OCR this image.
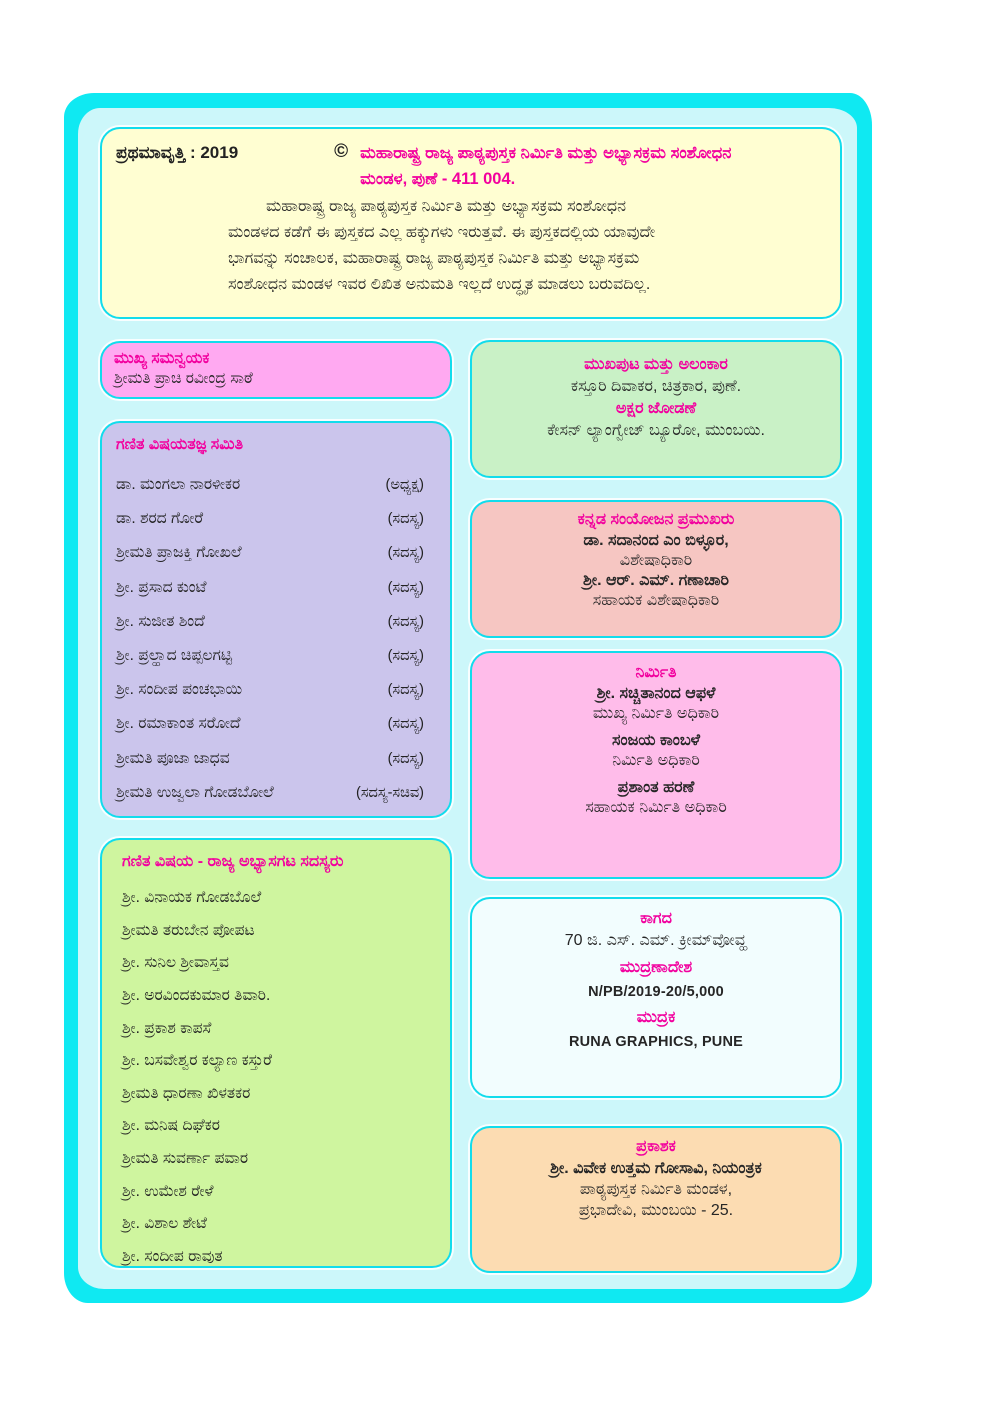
ಪ್ರಥಮಾವೃತ್ತಿ : 2019	© ಮಹಾರಾಷ್ಟ್ರ ರಾಜ್ಯ ಪಾಠ್ಯಪುಸ್ತಕ ನಿರ್ಮಿತಿ ಮತ್ತು ಅಭ್ಯಾಸಕ್ರಮ ಸಂಶೋಧನ
ಮಂಡಳ, ಪುಣೆ - 411 004.
ಮಹಾರಾಷ್ಟ್ರ ರಾಜ್ಯ ಪಾಠ್ಯಪುಸ್ತಕ ನಿರ್ಮಿತಿ ಮತ್ತು ಅಭ್ಯಾಸಕ್ರಮ ಸಂಶೋಧನ
ಮಂಡಳದ ಕಡೆಗೆ ಈ ಪುಸ್ತಕದ ಎಲ್ಲ ಹಕ್ಕುಗಳು ಇರುತ್ತವೆ. ಈ ಪುಸ್ತಕದಲ್ಲಿಯ ಯಾವುದೇ
ಭಾಗವನ್ನು ಸಂಚಾಲಕ, ಮಹಾರಾಷ್ಟ್ರ ರಾಜ್ಯ ಪಾಠ್ಯಪುಸ್ತಕ ನಿರ್ಮಿತಿ ಮತ್ತು ಅಭ್ಯಾಸಕ್ರಮ
ಸಂಶೋಧನ ಮಂಡಳ ಇವರ ಲಿಖಿತ ಅನುಮತಿ ಇಲ್ಲದೆ ಉದ್ಧೃತ ಮಾಡಲು ಬರುವದಿಲ್ಲ.
ಮುಖ್ಯ ಸಮನ್ವಯಕ
ಶ್ರೀಮತಿ ಪ್ರಾಚಿ ರವೀಂದ್ರ ಸಾಠೆ
ಗಣಿತ ವಿಷಯತಜ್ಞ ಸಮಿತಿ
ಡಾ. ಮಂಗಲಾ ನಾರಳೀಕರ	(ಅಧ್ಯಕ್ಷ)
ಡಾ. ಶರದ ಗೋರೆ	(ಸದಸ್ಯ)
ಶ್ರೀಮತಿ ಪ್ರಾಜಕ್ತಿ ಗೋಖಲೆ	(ಸದಸ್ಯ)
ಶ್ರೀ. ಪ್ರಸಾದ ಕುಂಟೆ	(ಸದಸ್ಯ)
ಶ್ರೀ. ಸುಜೀತ ಶಿಂದೆ	(ಸದಸ್ಯ)
ಶ್ರೀ. ಪ್ರಲ್ಹಾದ ಚಿಪ್ಪಲಗಟ್ಟಿ	(ಸದಸ್ಯ)
ಶ್ರೀ. ಸಂದೀಪ ಪಂಚಭಾಯಿ	(ಸದಸ್ಯ)
ಶ್ರೀ. ರಮಾಕಾಂತ ಸರೋದೆ	(ಸದಸ್ಯ)
ಶ್ರೀಮತಿ ಪೂಜಾ ಜಾಧವ	(ಸದಸ್ಯ)
ಶ್ರೀಮತಿ ಉಜ್ವಲಾ ಗೋಡಬೋಲೆ	(ಸದಸ್ಯ-ಸಚಿವ)
ಗಣಿತ ವಿಷಯ - ರಾಜ್ಯ ಅಭ್ಯಾಸಗಟ ಸದಸ್ಯರು
ಶ್ರೀ. ವಿನಾಯಕ ಗೋಡಬೊಲೆ
ಶ್ರೀಮತಿ ತರುಬೇನ ಪೋಪಟ
ಶ್ರೀ. ಸುನಿಲ ಶ್ರೀವಾಸ್ತವ
ಶ್ರೀ. ಅರವಿಂದಕುಮಾರ ತಿವಾರಿ.
ಶ್ರೀ. ಪ್ರಕಾಶ ಕಾಪಸೆ
ಶ್ರೀ. ಬಸವೇಶ್ವರ ಕಲ್ಯಾಣ ಕಸ್ತುರೆ
ಶ್ರೀಮತಿ ಧಾರಣಾ ಖಿಳತಕರ
ಶ್ರೀ. ಮನಿಷ ದಿಘೆಕರ
ಶ್ರೀಮತಿ ಸುವರ್ಣಾ ಪವಾರ
ಶ್ರೀ. ಉಮೇಶ ರೇಳೆ
ಶ್ರೀ. ವಿಶಾಲ ಶೇಟೆ
ಶ್ರೀ. ಸಂದೀಪ ರಾವುತ
ಮುಖಪುಟ ಮತ್ತು ಅಲಂಕಾರ
ಕಸ್ತೂರಿ ದಿವಾಕರ, ಚಿತ್ರಕಾರ, ಪುಣೆ.
ಅಕ್ಷರ ಜೋಡಣೆ
ಕೇಸನ್ ಲ್ಯಾಂಗ್ವೇಜ್ ಬ್ಯೂರೋ, ಮುಂಬಯಿ.
ಕನ್ನಡ ಸಂಯೋಜನ ಪ್ರಮುಖರು
ಡಾ. ಸದಾನಂದ ಎಂ ಬಿಳ್ಳೂರ,
ವಿಶೇಷಾಧಿಕಾರಿ
ಶ್ರೀ. ಆರ್. ಎಮ್. ಗಣಾಚಾರಿ
ಸಹಾಯಕ ವಿಶೇಷಾಧಿಕಾರಿ
ನಿರ್ಮಿತಿ
ಶ್ರೀ. ಸಚ್ಚಿತಾನಂದ ಆಫಳೆ
ಮುಖ್ಯ ನಿರ್ಮಿತಿ ಅಧಿಕಾರಿ
ಸಂಜಯ ಕಾಂಬಳೆ
ನಿರ್ಮಿತಿ ಅಧಿಕಾರಿ
ಪ್ರಶಾಂತ ಹರಣೆ
ಸಹಾಯಕ ನಿರ್ಮಿತಿ ಅಧಿಕಾರಿ
ಕಾಗದ
70 ಜಿ. ಎಸ್. ಎಮ್. ಕ್ರೀಮ್‌ವೋವ್ಹ
ಮುದ್ರಣಾದೇಶ
N/PB/2019-20/5,000
ಮುದ್ರಕ
RUNA GRAPHICS, PUNE
ಪ್ರಕಾಶಕ
ಶ್ರೀ. ವಿವೇಕ ಉತ್ತಮ ಗೋಸಾವಿ, ನಿಯಂತ್ರಕ
ಪಾಠ್ಯಪುಸ್ತಕ ನಿರ್ಮಿತಿ ಮಂಡಳ,
ಪ್ರಭಾದೇವಿ, ಮುಂಬಯಿ - 25.
